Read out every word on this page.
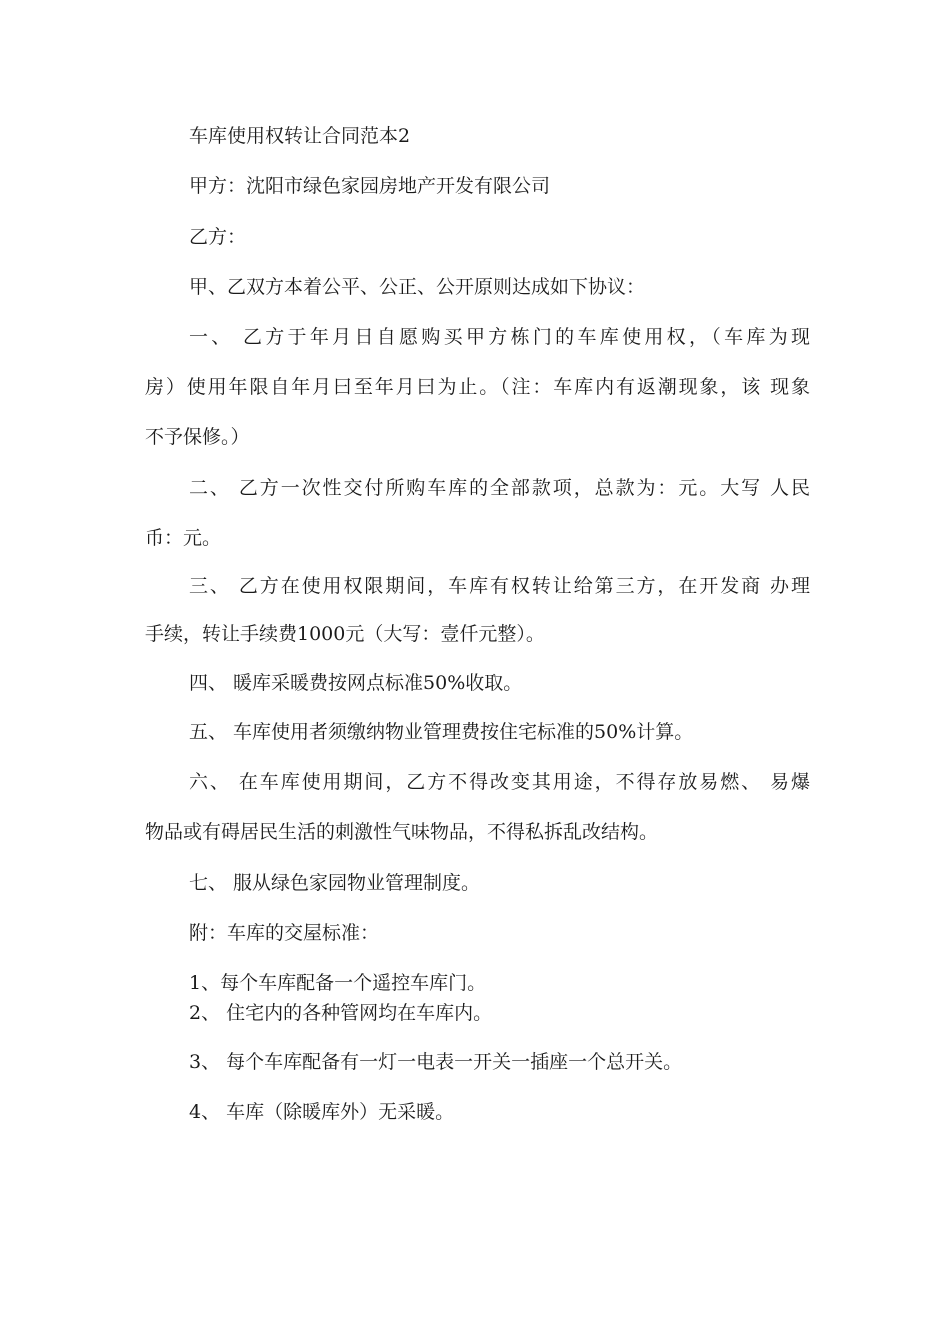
车库使用权转让合同范本2
甲方：沈阳市绿色家园房地产开发有限公司
乙方：
甲、乙双方本着公平、公正、公开原则达成如下协议：
一、 乙方于年月日自愿购买甲方栋门的车库使用权，（车库为现
房）使用年限自年月曰至年月曰为止。（注：车库内有返潮现象，该 现象
不予保修。）
二、 乙方一次性交付所购车库的全部款项，总款为：元。大写 人民
币：元。
三、 乙方在使用权限期间，车库有权转让给第三方，在开发商 办理
手续，转让手续费1000元（大写：壹仟元整）。
四、 暖库采暖费按网点标准50%收取。
五、 车库使用者须缴纳物业管理费按住宅标准的50%计算。
六、 在车库使用期间，乙方不得改变其用途，不得存放易燃、 易爆
物品或有碍居民生活的刺激性气味物品，不得私拆乱改结构。
七、 服从绿色家园物业管理制度。
附：车库的交屋标准：
1、每个车库配备一个遥控车库门。
2、 住宅内的各种管网均在车库内。
3、 每个车库配备有一灯一电表一开关一插座一个总开关。
4、 车库（除暖库外）无采暖。
